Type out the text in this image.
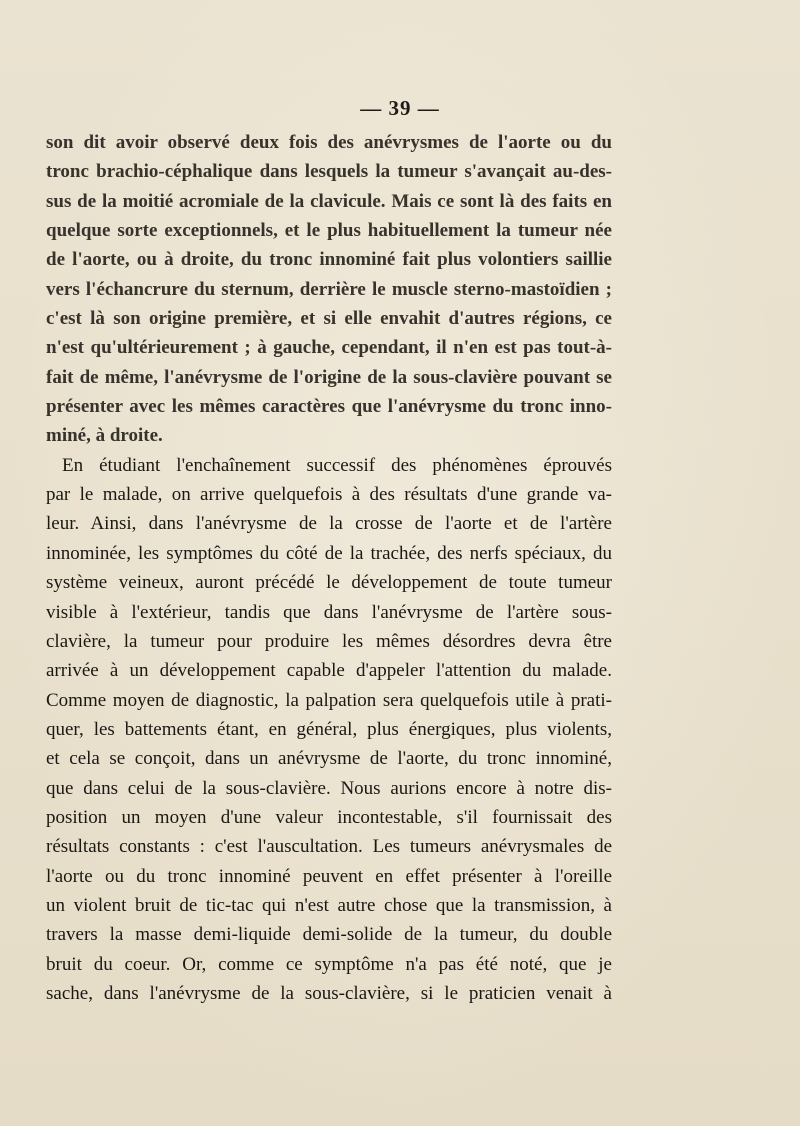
— 39 —

son dit avoir observé deux fois des anévrysmes de l'aorte ou du
tronc brachio-céphalique dans lesquels la tumeur s'avançait au-des-
sus de la moitié acromiale de la clavicule. Mais ce sont là des faits en
quelque sorte exceptionnels, et le plus habituellement la tumeur née
de l'aorte, ou à droite, du tronc innominé fait plus volontiers saillie
vers l'échancrure du sternum, derrière le muscle sterno-mastoïdien ;
c'est là son origine première, et si elle envahit d'autres régions, ce
n'est qu'ultérieurement ; à gauche, cependant, il n'en est pas tout-à-
fait de même, l'anévrysme de l'origine de la sous-clavière pouvant se
présenter avec les mêmes caractères que l'anévrysme du tronc inno-
miné, à droite.

En étudiant l'enchaînement successif des phénomènes éprouvés
par le malade, on arrive quelquefois à des résultats d'une grande va-
leur. Ainsi, dans l'anévrysme de la crosse de l'aorte et de l'artère
innominée, les symptômes du côté de la trachée, des nerfs spéciaux, du
système veineux, auront précédé le développement de toute tumeur
visible à l'extérieur, tandis que dans l'anévrysme de l'artère sous-
clavière, la tumeur pour produire les mêmes désordres devra être
arrivée à un développement capable d'appeler l'attention du malade.
Comme moyen de diagnostic, la palpation sera quelquefois utile à prati-
quer, les battements étant, en général, plus énergiques, plus violents,
et cela se conçoit, dans un anévrysme de l'aorte, du tronc innominé,
que dans celui de la sous-clavière. Nous aurions encore à notre dis-
position un moyen d'une valeur incontestable, s'il fournissait des
résultats constants : c'est l'auscultation. Les tumeurs anévrysmales de
l'aorte ou du tronc innominé peuvent en effet présenter à l'oreille
un violent bruit de tic-tac qui n'est autre chose que la transmission, à
travers la masse demi-liquide demi-solide de la tumeur, du double
bruit du coeur. Or, comme ce symptôme n'a pas été noté, que je
sache, dans l'anévrysme de la sous-clavière, si le praticien venait à
